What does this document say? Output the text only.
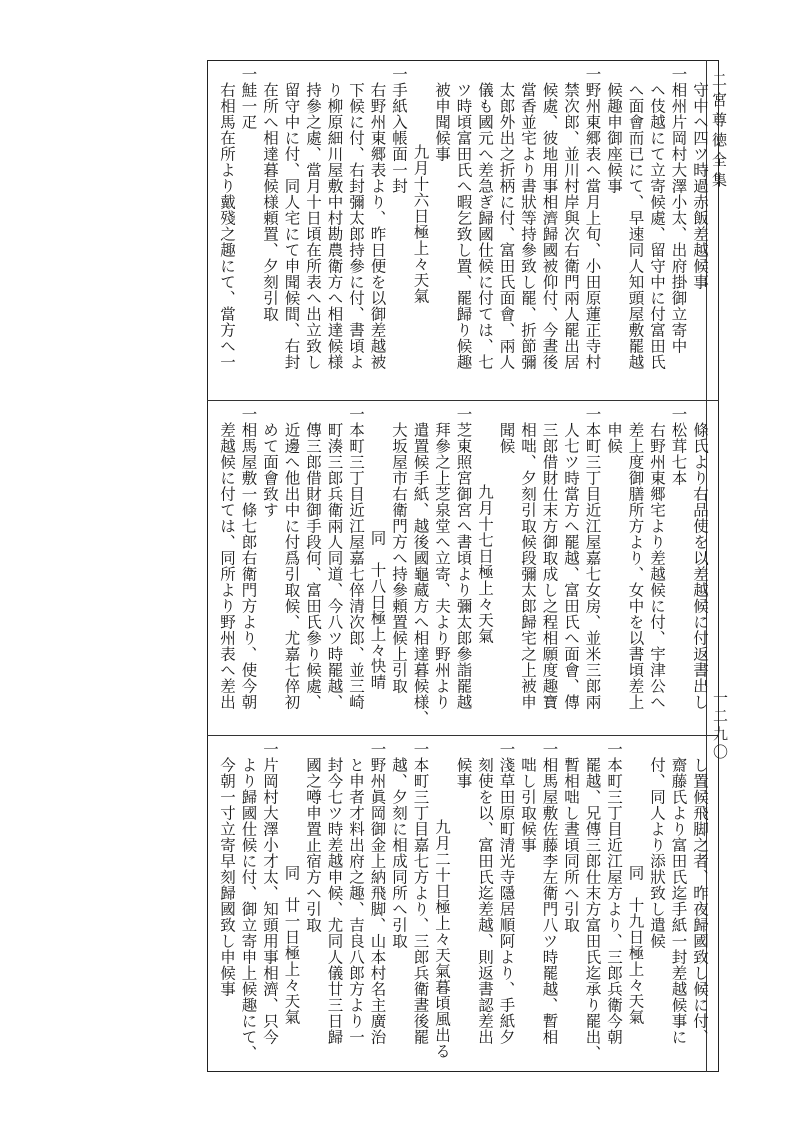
二宮尊徳全集
一二九〇
守中ヘ四ツ時過赤飯差越候事
一相州片岡村大澤小太、出府掛御立寄中
ヘ伎越にて立寄候處、留守中に付富田氏
へ面會而已にて、早速同人知頭屋敷罷越
候趣申御座候事
一野州東郷表ヘ當月上旬、小田原蓮正寺村
禁次郎、並川村岸與次右衛門兩人罷出居
候處、彼地用事相濟歸國被仰付、今晝後
當香並宅より書狀等持參致し罷、折節彌
太郎外出之折柄に付、富田氏面會、兩人
儀も國元へ差急ぎ歸國仕候に付ては、七
ツ時頃富田氏へ暇乞致し置、罷歸り候趣
被申聞候事
九月十六日極上々天氣
一手紙入帳面一封
右野州東郷表より、昨日便を以御差越被
下候に付、右封彌太郎持參に付、書頃よ
り柳原細川屋敷中村勘農衛方へ相達候様
持參之處、當月十日頃在所表へ出立致し
留守中に付、同人宅にて申聞候間、右封
在所へ相達暮候様頼置、夕刻引取
一鮭一疋
右相馬在所より戴殘之趣にて、當方へ一
條氏より右品使を以差越候に付返書出し
一松茸七本
右野州東郷宅より差越候に付、宇津公へ
差上度御膳所方より、女中を以書頃差上
申候
一本町三丁目近江屋嘉七女房、並米三郎兩
人七ツ時當方へ罷越、富田氏へ面會、傳
三郎借財仕末方御取成し之程相願度趣寶
相咄、夕刻引取候段彌太郎歸宅之上被申
聞候
九月十七日極上々天氣
一芝東照宮御宮へ書頃より彌太郎參詣罷越
拜參之上芝泉堂へ立寄、夫より野州より
遣置候手紙、越後國龜蔵方へ相達暮候様、
大坂屋市右衛門方へ持參頼置候上引取
同　十八日極上々快晴
一本町三丁目近江屋嘉七倅清次郎、並三崎
町湊三郎兵衛兩人同道、今八ツ時罷越、
傳三郎借財御手段何、富田氏參り候處、
近邊へ他出中に付爲引取候、尤嘉七倅初
めて面會致す
一相馬屋敷一條七郎右衛門方より、使今朝
差越候に付ては、同所より野州表へ差出
し置候飛脚之者、昨夜歸國致し候に付、
齋藤氏より富田氏迄手紙一封差越候事に
付、同人より添狀致し遣候
同　十九日極上々天氣
一本町三丁目近江屋方より、三郎兵衛今朝
罷越、兄傳三郎仕末方富田氏迄承り罷出、
暫相咄し晝頃同所へ引取
一相馬屋敷佐藤李左衛門八ツ時罷越、暫相
咄し引取候事
一淺草田原町清光寺隱居順阿より、手紙夕
刻使を以、富田氏迄差越、則返書認差出
候事
九月二十日極上々天氣暮頃風出る
一本町三丁目嘉七方より、三郎兵衛晝後罷
越、夕刻に相成同所へ引取
一野州眞岡御金上納飛脚、山本村名主廣治
と申者才料出府之趣、吉良八郎方より一
封今七ツ時差越申候、尤同人儀廿三日歸
國之噂申置止宿方へ引取
同　廿一日極上々天氣
一片岡村大澤小才太、知頭用事相濟、只今
より歸國仕候に付、御立寄申上候趣にて、
今朝一寸立寄早刻歸國致し申候事
